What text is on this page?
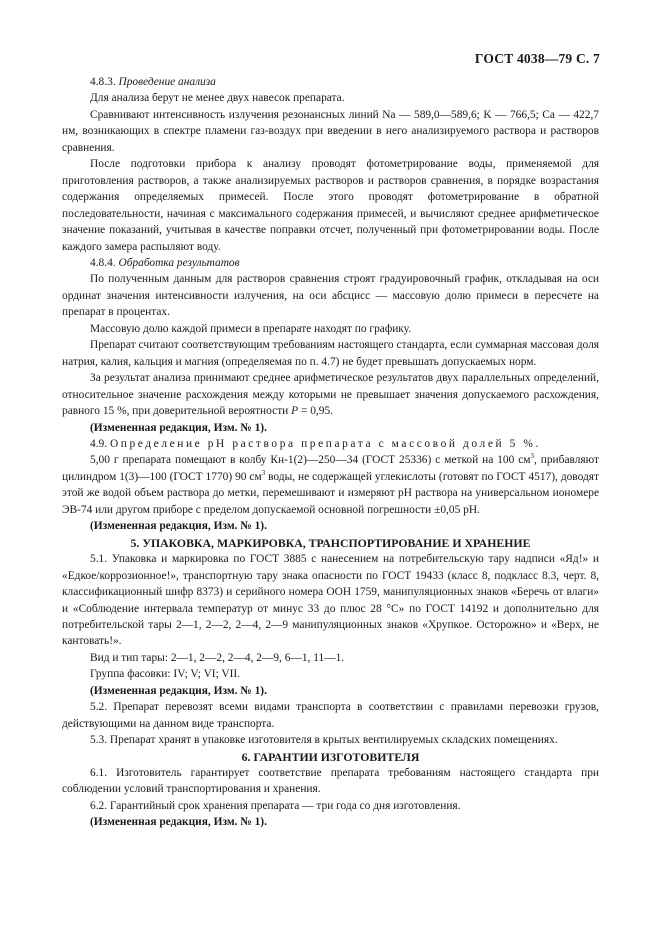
ГОСТ 4038—79 С. 7

4.8.3. Проведение анализа

Для анализа берут не менее двух навесок препарата.

Сравнивают интенсивность излучения резонансных линий Na — 589,0—589,6; K — 766,5; Са — 422,7 нм, возникающих в спектре пламени газ-воздух при введении в него анализируемого раствора и растворов сравнения.

После подготовки прибора к анализу проводят фотометрирование воды, применяемой для приготовления растворов, а также анализируемых растворов и растворов сравнения, в порядке возрастания содержания определяемых примесей. После этого проводят фотометрирование в обратной последовательности, начиная с максимального содержания примесей, и вычисляют среднее арифметическое значение показаний, учитывая в качестве поправки отсчет, полученный при фотометрировании воды. После каждого замера распыляют воду.

4.8.4. Обработка результатов

По полученным данным для растворов сравнения строят градуировочный график, откладывая на оси ординат значения интенсивности излучения, на оси абсцисс — массовую долю примеси в пересчете на препарат в процентах.

Массовую долю каждой примеси в препарате находят по графику.

Препарат считают соответствующим требованиям настоящего стандарта, если суммарная массовая доля натрия, калия, кальция и магния (определяемая по п. 4.7) не будет превышать допускаемых норм.

За результат анализа принимают среднее арифметическое результатов двух параллельных определений, относительное значение расхождения между которыми не превышает значения допускаемого расхождения, равного 15 %, при доверительной вероятности P = 0,95.

(Измененная редакция, Изм. № 1).

4.9. Определение pH раствора препарата с массовой долей 5 %.

5,00 г препарата помещают в колбу Кн-1(2)—250—34 (ГОСТ 25336) с меткой на 100 $см^3$, прибавляют цилиндром 1(3)—100 (ГОСТ 1770) 90 $см^3$ воды, не содержащей углекислоты (готовят по ГОСТ 4517), доводят этой же водой объем раствора до метки, перемешивают и измеряют pH раствора на универсальном иономере ЭВ-74 или другом приборе с пределом допускаемой основной погрешности ±0,05 pH.

(Измененная редакция, Изм. № 1).

5. УПАКОВКА, МАРКИРОВКА, ТРАНСПОРТИРОВАНИЕ И ХРАНЕНИЕ

5.1. Упаковка и маркировка по ГОСТ 3885 с нанесением на потребительскую тару надписи «Яд!» и «Едкое/коррозионное!», транспортную тару знака опасности по ГОСТ 19433 (класс 8, подкласс 8.3, черт. 8, классификационный шифр 8373) и серийного номера ООН 1759, манипуляционных знаков «Беречь от влаги» и «Соблюдение интервала температур от минус 33 до плюс 28 °С» по ГОСТ 14192 и дополнительно для потребительской тары 2—1, 2—2, 2—4, 2—9 манипуляционных знаков «Хрупкое. Осторожно» и «Верх, не кантовать!».

Вид и тип тары: 2—1, 2—2, 2—4, 2—9, 6—1, 11—1.

Группа фасовки: IV; V; VI; VII.

(Измененная редакция, Изм. № 1).

5.2. Препарат перевозят всеми видами транспорта в соответствии с правилами перевозки грузов, действующими на данном виде транспорта.

5.3. Препарат хранят в упаковке изготовителя в крытых вентилируемых складских помещениях.

6. ГАРАНТИИ ИЗГОТОВИТЕЛЯ

6.1. Изготовитель гарантирует соответствие препарата требованиям настоящего стандарта при соблюдении условий транспортирования и хранения.

6.2. Гарантийный срок хранения препарата — три года со дня изготовления.

(Измененная редакция, Изм. № 1).
